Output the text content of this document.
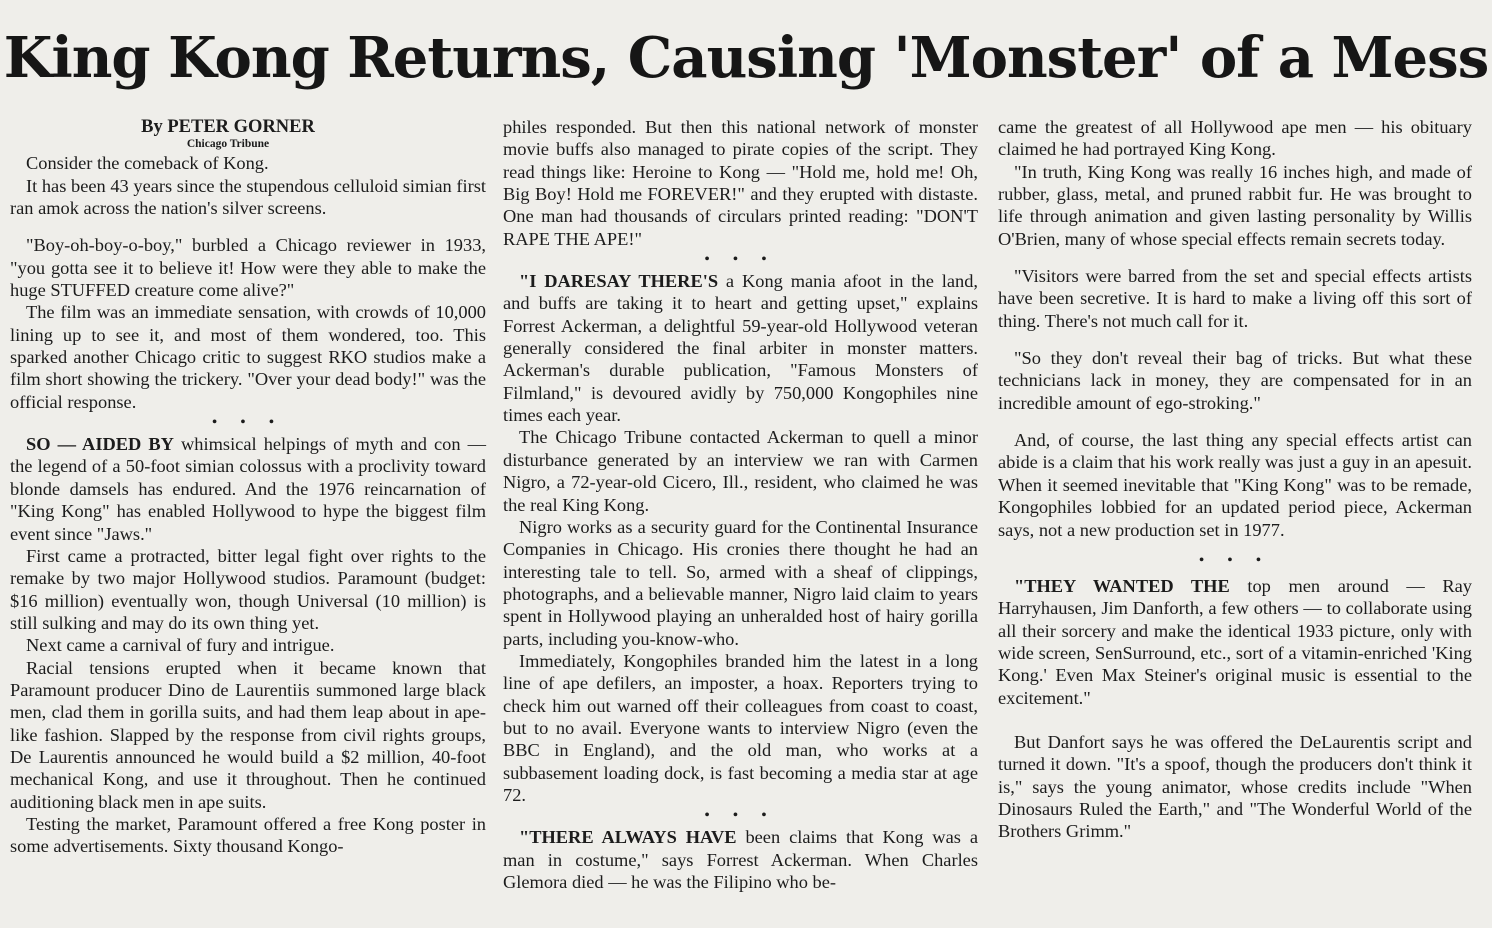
King Kong Returns, Causing 'Monster' of a Mess
By PETER GORNER
Chicago Tribune

Consider the comeback of Kong.

It has been 43 years since the stupendous celluloid simian first ran amok across the nation's silver screens.

"Boy-oh-boy-o-boy," burbled a Chicago reviewer in 1933, "you gotta see it to believe it! How were they able to make the huge STUFFED creature come alive?"

The film was an immediate sensation, with crowds of 10,000 lining up to see it, and most of them wondered, too. This sparked another Chicago critic to suggest RKO studios make a film short showing the trickery. "Over your dead body!" was the official response.

• • •

SO — AIDED BY whimsical helpings of myth and con — the legend of a 50-foot simian colossus with a proclivity toward blonde damsels has endured. And the 1976 reincarnation of "King Kong" has enabled Hollywood to hype the biggest film event since "Jaws."

First came a protracted, bitter legal fight over rights to the remake by two major Hollywood studios. Paramount (budget: $16 million) eventually won, though Universal (10 million) is still sulking and may do its own thing yet.

Next came a carnival of fury and intrigue.

Racial tensions erupted when it became known that Paramount producer Dino de Laurentiis summoned large black men, clad them in gorilla suits, and had them leap about in ape-like fashion. Slapped by the response from civil rights groups, De Laurentis announced he would build a $2 million, 40-foot mechanical Kong, and use it throughout. Then he continued auditioning black men in ape suits.

Testing the market, Paramount offered a free Kong poster in some advertisements. Sixty thousand Kongo-

philes responded. But then this national network of monster movie buffs also managed to pirate copies of the script. They read things like: Heroine to Kong — "Hold me, hold me! Oh, Big Boy! Hold me FOREVER!" and they erupted with distaste. One man had thousands of circulars printed reading: "DON'T RAPE THE APE!"

• • •

"I DARESAY THERE'S a Kong mania afoot in the land, and buffs are taking it to heart and getting upset," explains Forrest Ackerman, a delightful 59-year-old Hollywood veteran generally considered the final arbiter in monster matters. Ackerman's durable publication, "Famous Monsters of Filmland," is devoured avidly by 750,000 Kongophiles nine times each year.

The Chicago Tribune contacted Ackerman to quell a minor disturbance generated by an interview we ran with Carmen Nigro, a 72-year-old Cicero, Ill., resident, who claimed he was the real King Kong.

Nigro works as a security guard for the Continental Insurance Companies in Chicago. His cronies there thought he had an interesting tale to tell. So, armed with a sheaf of clippings, photographs, and a believable manner, Nigro laid claim to years spent in Hollywood playing an unheralded host of hairy gorilla parts, including you-know-who.

Immediately, Kongophiles branded him the latest in a long line of ape defilers, an imposter, a hoax. Reporters trying to check him out warned off their colleagues from coast to coast, but to no avail. Everyone wants to interview Nigro (even the BBC in England), and the old man, who works at a subbasement loading dock, is fast becoming a media star at age 72.

• • •

"THERE ALWAYS HAVE been claims that Kong was a man in costume," says Forrest Ackerman. When Charles Glemora died — he was the Filipino who be-

came the greatest of all Hollywood ape men — his obituary claimed he had portrayed King Kong.

"In truth, King Kong was really 16 inches high, and made of rubber, glass, metal, and pruned rabbit fur. He was brought to life through animation and given lasting personality by Willis O'Brien, many of whose special effects remain secrets today.

"Visitors were barred from the set and special effects artists have been secretive. It is hard to make a living off this sort of thing. There's not much call for it.

"So they don't reveal their bag of tricks. But what these technicians lack in money, they are compensated for in an incredible amount of ego-stroking."

And, of course, the last thing any special effects artist can abide is a claim that his work really was just a guy in an apesuit. When it seemed inevitable that "King Kong" was to be remade, Kongophiles lobbied for an updated period piece, Ackerman says, not a new production set in 1977.

• • •

"THEY WANTED THE top men around — Ray Harryhausen, Jim Danforth, a few others — to collaborate using all their sorcery and make the identical 1933 picture, only with wide screen, SenSurround, etc., sort of a vitamin-enriched 'King Kong.' Even Max Steiner's original music is essential to the excitement."

But Danfort says he was offered the DeLaurentis script and turned it down. "It's a spoof, though the producers don't think it is," says the young animator, whose credits include "When Dinosaurs Ruled the Earth," and "The Wonderful World of the Brothers Grimm."
